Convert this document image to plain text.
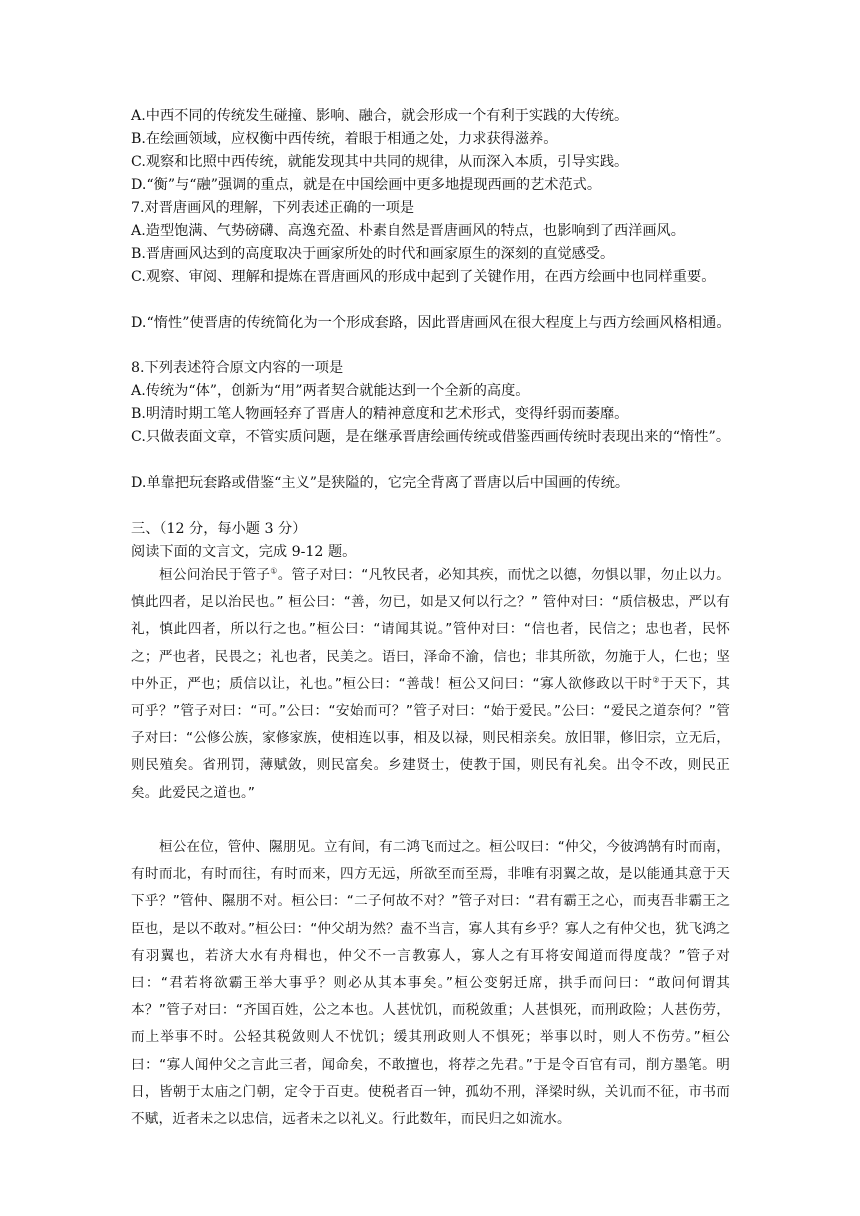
A.中西不同的传统发生碰撞、影响、融合，就会形成一个有利于实践的大传统。
B.在绘画领域，应权衡中西传统，着眼于相通之处，力求获得滋养。
C.观察和比照中西传统，就能发现其中共同的规律，从而深入本质，引导实践。
D.“衡”与“融”强调的重点，就是在中国绘画中更多地提现西画的艺术范式。
7.对晋唐画风的理解，下列表述正确的一项是
A.造型饱满、气势磅礴、高逸充盈、朴素自然是晋唐画风的特点，也影响到了西洋画风。
B.晋唐画风达到的高度取决于画家所处的时代和画家原生的深刻的直觉感受。
C.观察、审阅、理解和提炼在晋唐画风的形成中起到了关键作用，在西方绘画中也同样重要。
D.“惰性”使晋唐的传统简化为一个形成套路，因此晋唐画风在很大程度上与西方绘画风格相通。
8.下列表述符合原文内容的一项是
A.传统为“体”，创新为“用”两者契合就能达到一个全新的高度。
B.明清时期工笔人物画轻弃了晋唐人的精神意度和艺术形式，变得纤弱而萎靡。
C.只做表面文章，不管实质问题，是在继承晋唐绘画传统或借鉴西画传统时表现出来的“惰性”。
D.单靠把玩套路或借鉴“主义”是狭隘的，它完全背离了晋唐以后中国画的传统。
三、（12 分，每小题 3 分）
阅读下面的文言文，完成 9-12 题。
桓公问治民于管子①。管子对曰：“凡牧民者，必知其疾，而忧之以德，勿惧以罪，勿止以力。慎此四者，足以治民也。” 桓公曰：“善，勿已，如是又何以行之？” 管仲对曰：“质信极忠，严以有礼，慎此四者，所以行之也。”桓公曰：“请闻其说。”管仲对曰：“信也者，民信之；忠也者，民怀之；严也者，民畏之；礼也者，民美之。语曰，泽命不渝，信也；非其所欲，勿施于人，仁也；坚中外正，严也；质信以让，礼也。”桓公曰：“善哉！桓公又问曰：“寡人欲修政以干时②于天下，其可乎？”管子对曰：“可。”公曰：“安始而可？”管子对曰：“始于爱民。”公曰：“爱民之道奈何？”管子对曰：“公修公族，家修家族，使相连以事，相及以禄，则民相亲矣。放旧罪，修旧宗，立无后，则民殖矣。省刑罚，薄赋敛，则民富矣。乡建贤士，使教于国，则民有礼矣。出令不改，则民正矣。此爱民之道也。”
桓公在位，管仲、隰朋见。立有间，有二鸿飞而过之。桓公叹曰：“仲父，今彼鸿鹄有时而南，有时而北，有时而往，有时而来，四方无远，所欲至而至焉，非唯有羽翼之故，是以能通其意于天下乎？”管仲、隰朋不对。桓公曰：“二子何故不对？”管子对曰：“君有霸王之心，而夷吾非霸王之臣也，是以不敢对。”桓公曰：“仲父胡为然？盍不当言，寡人其有乡乎？寡人之有仲父也，犹飞鸿之有羽翼也，若济大水有舟楫也，仲父不一言教寡人，寡人之有耳将安闻道而得度哉？”管子对曰：“君若将欲霸王举大事乎？则必从其本事矣。”桓公变躬迁席，拱手而问曰：“敢问何谓其本？”管子对曰：“齐国百姓，公之本也。人甚忧饥，而税敛重；人甚惧死，而刑政险；人甚伤劳，而上举事不时。公轻其税敛则人不忧饥；缓其刑政则人不惧死；举事以时，则人不伤劳。”桓公曰：“寡人闻仲父之言此三者，闻命矣，不敢擅也，将荐之先君。”于是令百官有司，削方墨笔。明日，皆朝于太庙之门朝，定令于百吏。使税者百一钟，孤幼不刑，泽梁时纵，关讥而不征，市书而不赋，近者未之以忠信，远者未之以礼义。行此数年，而民归之如流水。
